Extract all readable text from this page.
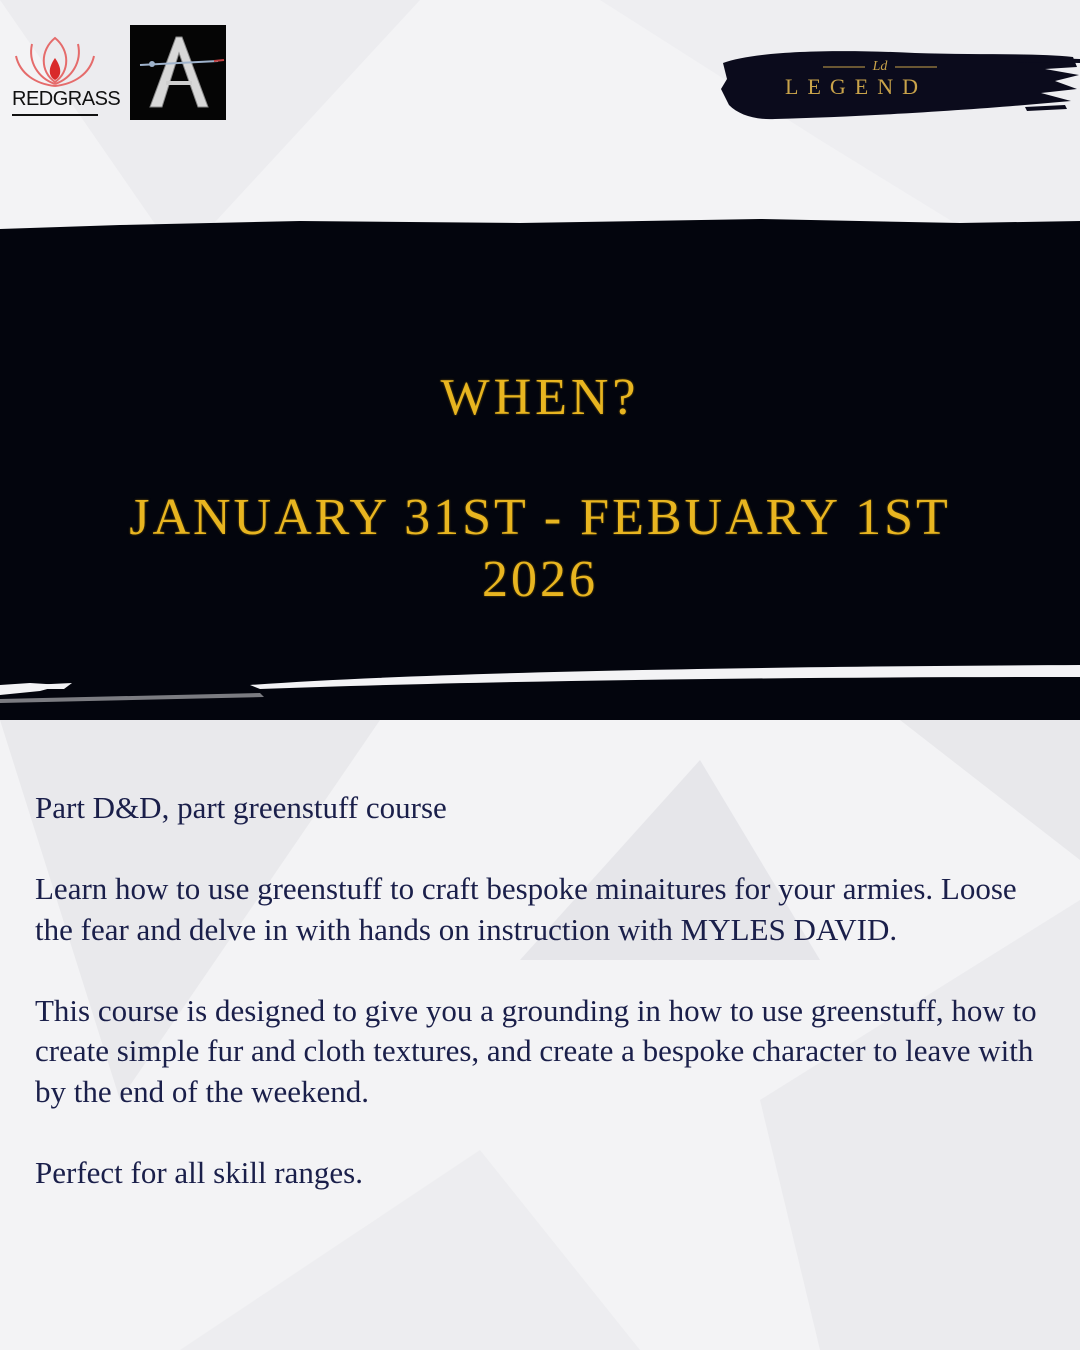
REDGRASS
Ld
LEGEND
WHEN?
JANUARY 31ST - FEBUARY 1ST
2026

Part D&D, part greenstuff course

Learn how to use greenstuff to craft bespoke minaitures for your armies. Loose the fear and delve in with hands on instruction with MYLES DAVID.

This course is designed to give you a grounding in how to use greenstuff, how to create simple fur and cloth textures, and create a bespoke character to leave with by the end of the weekend.

Perfect for all skill ranges.
